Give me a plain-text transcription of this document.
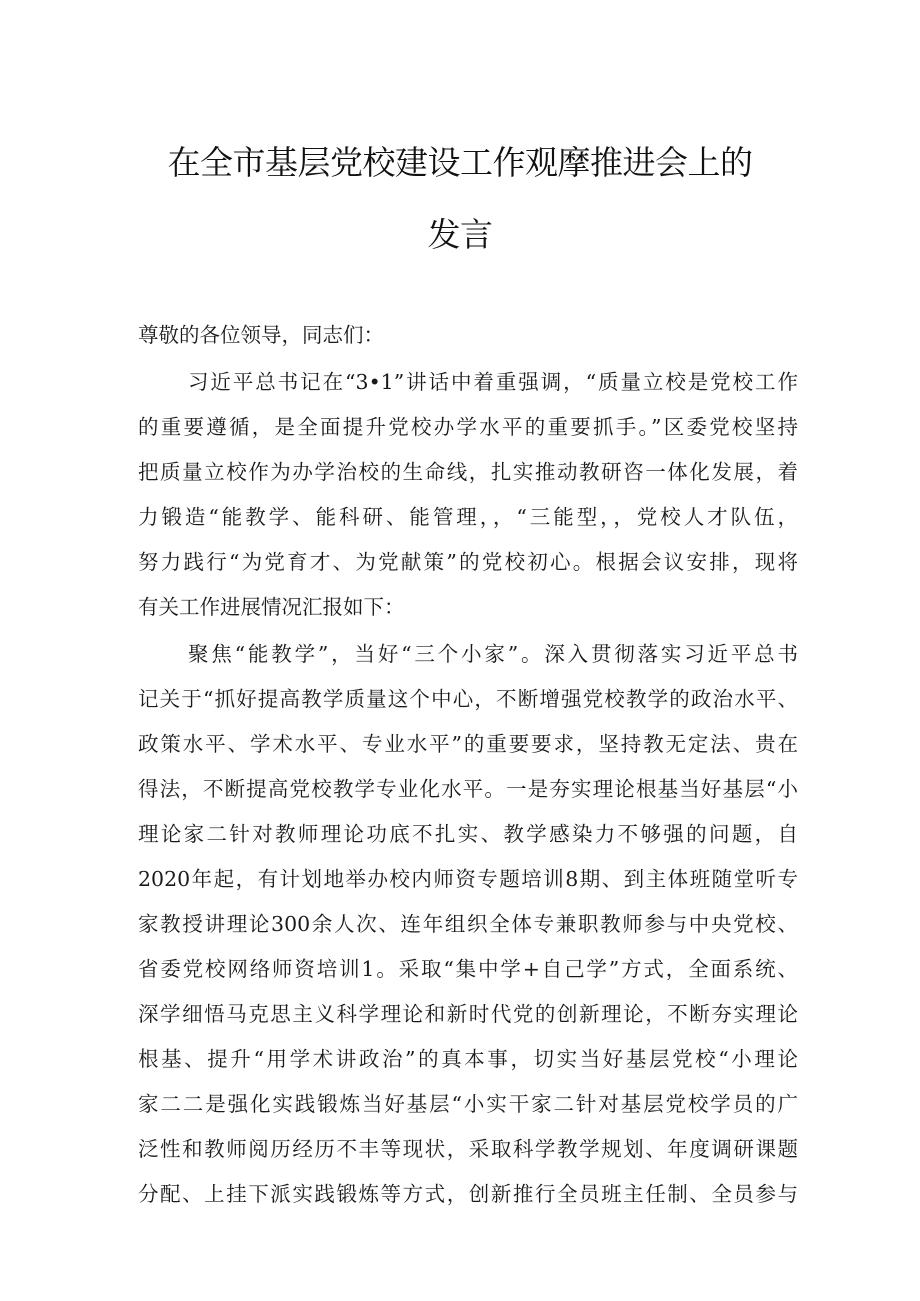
在全市基层党校建设工作观摩推进会上的
发言
尊敬的各位领导，同志们：
习近平总书记在“3•1”讲话中着重强调，“质量立校是党校工作
的重要遵循，是全面提升党校办学水平的重要抓手。”区委党校坚持
把质量立校作为办学治校的生命线，扎实推动教研咨一体化发展，着
力锻造“能教学、能科研、能管理，，“三能型，，党校人才队伍，
努力践行“为党育才、为党献策”的党校初心。根据会议安排，现将
有关工作进展情况汇报如下：
聚焦“能教学”，当好“三个小家”。深入贯彻落实习近平总书
记关于“抓好提高教学质量这个中心，不断增强党校教学的政治水平、
政策水平、学术水平、专业水平”的重要要求，坚持教无定法、贵在
得法，不断提高党校教学专业化水平。一是夯实理论根基当好基层“小
理论家二针对教师理论功底不扎实、教学感染力不够强的问题，自
2020年起，有计划地举办校内师资专题培训8期、到主体班随堂听专
家教授讲理论300余人次、连年组织全体专兼职教师参与中央党校、
省委党校网络师资培训1。采取“集中学+自己学”方式，全面系统、
深学细悟马克思主义科学理论和新时代党的创新理论，不断夯实理论
根基、提升“用学术讲政治”的真本事，切实当好基层党校“小理论
家二二是强化实践锻炼当好基层“小实干家二针对基层党校学员的广
泛性和教师阅历经历不丰等现状，采取科学教学规划、年度调研课题
分配、上挂下派实践锻炼等方式，创新推行全员班主任制、全员参与
